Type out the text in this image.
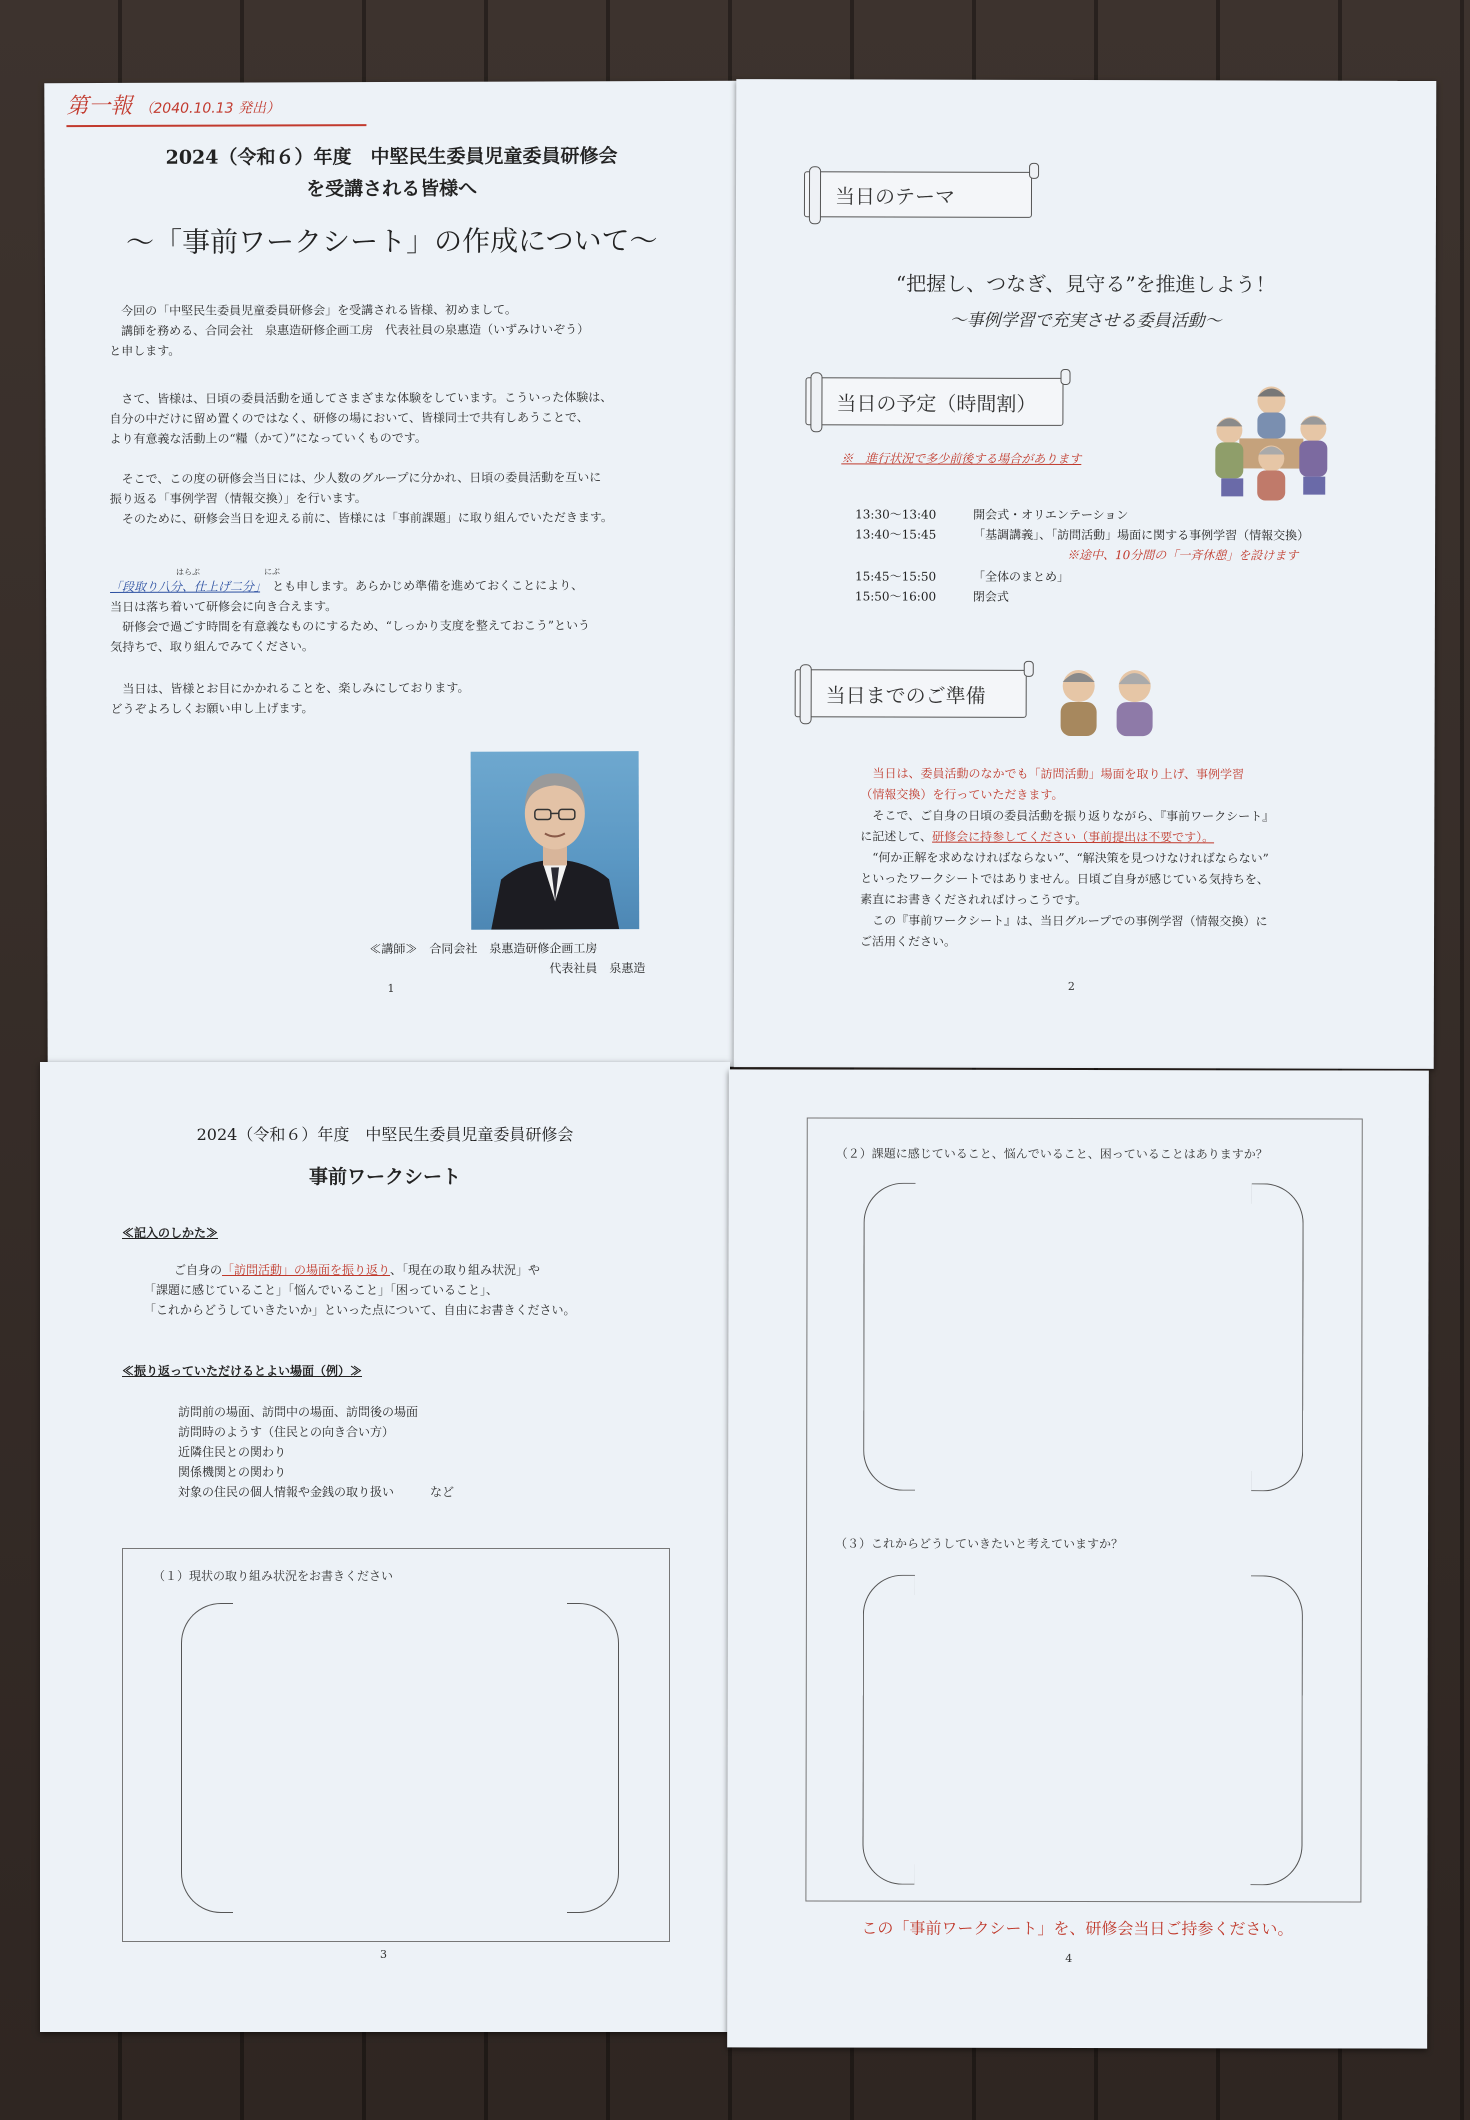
第一報 （2040.10.13 発出）
2024（令和６）年度　中堅民生委員児童委員研修会
を受講される皆様へ
～「事前ワークシート」の作成について～
今回の「中堅民生委員児童委員研修会」を受講される皆様、初めまして。
講師を務める、合同会社　泉惠造研修企画工房　代表社員の泉惠造（いずみけいぞう）
と申します。
さて、皆様は、日頃の委員活動を通してさまざまな体験をしています。こういった体験は、
自分の中だけに留め置くのではなく、研修の場において、皆様同士で共有しあうことで、
より有意義な活動上の“糧（かて）”になっていくものです。
そこで、この度の研修会当日には、少人数のグループに分かれ、日頃の委員活動を互いに
振り返る「事例学習（情報交換）」を行います。
そのために、研修会当日を迎える前に、皆様には「事前課題」に取り組んでいただきます。
はらぶ	にぶ
「段取り八分、仕上げ二分」　 とも申します。あらかじめ準備を進めておくことにより、
当日は落ち着いて研修会に向き合えます。
研修会で過ごす時間を有意義なものにするため、“しっかり支度を整えておこう”という
気持ちで、取り組んでみてください。
当日は、皆様とお目にかかれることを、楽しみにしております。
どうぞよろしくお願い申し上げます。
≪講師≫　合同会社　泉惠造研修企画工房
代表社員　泉惠造
1
当日のテーマ
“把握し、つなぎ、見守る”を推進しよう！
～事例学習で充実させる委員活動～
当日の予定（時間割）
※　進行状況で多少前後する場合があります
13:30～13:40	開会式・オリエンテーション
13:40～15:45	「基調講義」、「訪問活動」場面に関する事例学習（情報交換）
※途中、10分間の「一斉休憩」を設けます
15:45～15:50	「全体のまとめ」
15:50～16:00	閉会式
当日までのご準備
当日は、委員活動のなかでも「訪問活動」場面を取り上げ、事例学習
（情報交換）を行っていただきます。
そこで、ご自身の日頃の委員活動を振り返りながら、『事前ワークシート』
に記述して、研修会に持参してください（事前提出は不要です）。
“何か正解を求めなければならない”、“解決策を見つけなければならない”
といったワークシートではありません。日頃ご自身が感じている気持ちを、
素直にお書きくだされればけっこうです。
この『事前ワークシート』は、当日グループでの事例学習（情報交換）に
ご活用ください。
2
2024（令和６）年度　中堅民生委員児童委員研修会
事前ワークシート
≪記入のしかた≫
ご自身の「訪問活動」の場面を振り返り、「現在の取り組み状況」や
「課題に感じていること」「悩んでいること」「困っていること」、
「これからどうしていきたいか」といった点について、自由にお書きください。
≪振り返っていただけるとよい場面（例）≫
訪問前の場面、訪問中の場面、訪問後の場面
訪問時のようす（住民との向き合い方）
近隣住民との関わり
関係機関との関わり
対象の住民の個人情報や金銭の取り扱い　　　など
（１）現状の取り組み状況をお書きください
3
（２）課題に感じていること、悩んでいること、困っていることはありますか？
（３）これからどうしていきたいと考えていますか？
この「事前ワークシート」を、研修会当日ご持参ください。
4
